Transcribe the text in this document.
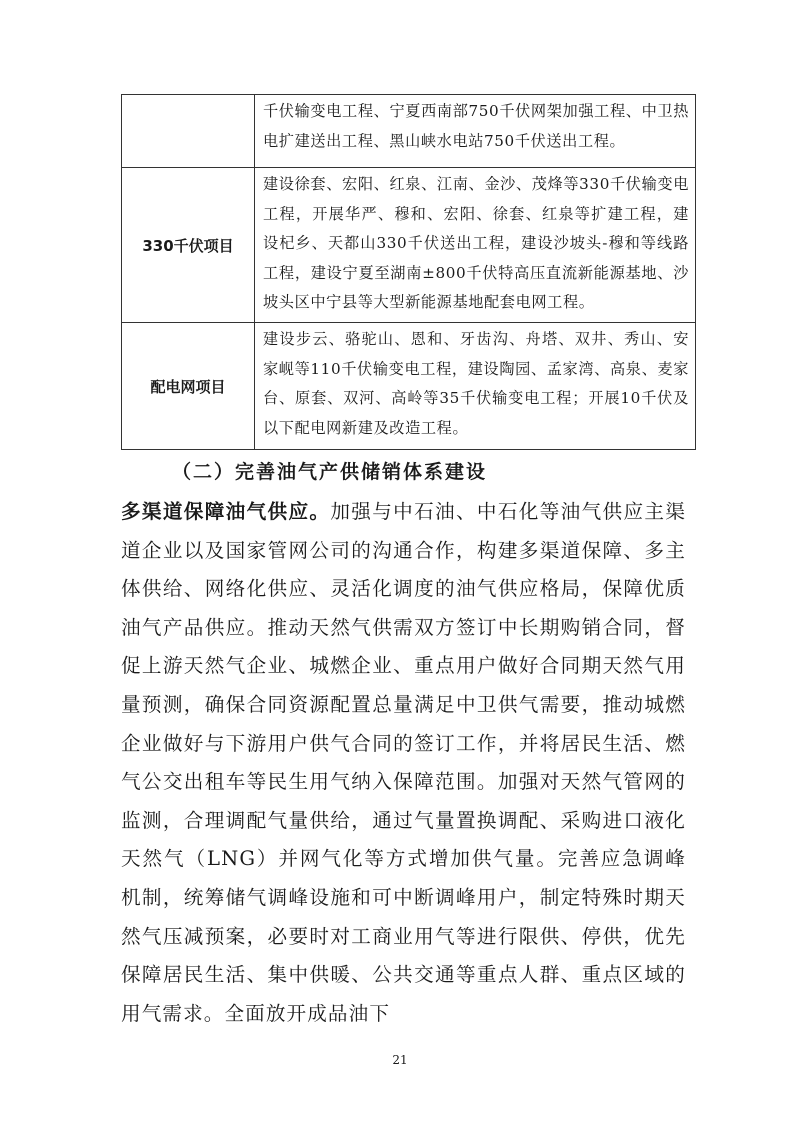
	千伏输变电工程、宁夏西南部750千伏网架加强工程、中卫热电扩建送出工程、黑山峡水电站750千伏送出工程。
330千伏项目	建设徐套、宏阳、红泉、江南、金沙、茂烽等330千伏输变电工程，开展华严、穆和、宏阳、徐套、红泉等扩建工程，建设杞乡、天都山330千伏送出工程，建设沙坡头-穆和等线路工程，建设宁夏至湖南±800千伏特高压直流新能源基地、沙坡头区中宁县等大型新能源基地配套电网工程。
配电网项目	建设步云、骆驼山、恩和、牙齿沟、舟塔、双井、秀山、安家岘等110千伏输变电工程，建设陶园、孟家湾、高泉、麦家台、原套、双河、高岭等35千伏输变电工程；开展10千伏及以下配电网新建及改造工程。
（二）完善油气产供储销体系建设

多渠道保障油气供应。加强与中石油、中石化等油气供应主渠道企业以及国家管网公司的沟通合作，构建多渠道保障、多主体供给、网络化供应、灵活化调度的油气供应格局，保障优质油气产品供应。推动天然气供需双方签订中长期购销合同，督促上游天然气企业、城燃企业、重点用户做好合同期天然气用量预测，确保合同资源配置总量满足中卫供气需要，推动城燃企业做好与下游用户供气合同的签订工作，并将居民生活、燃气公交出租车等民生用气纳入保障范围。加强对天然气管网的监测，合理调配气量供给，通过气量置换调配、采购进口液化天然气（LNG）并网气化等方式增加供气量。完善应急调峰机制，统筹储气调峰设施和可中断调峰用户，制定特殊时期天然气压减预案，必要时对工商业用气等进行限供、停供，优先保障居民生活、集中供暖、公共交通等重点人群、重点区域的用气需求。全面放开成品油下

21
